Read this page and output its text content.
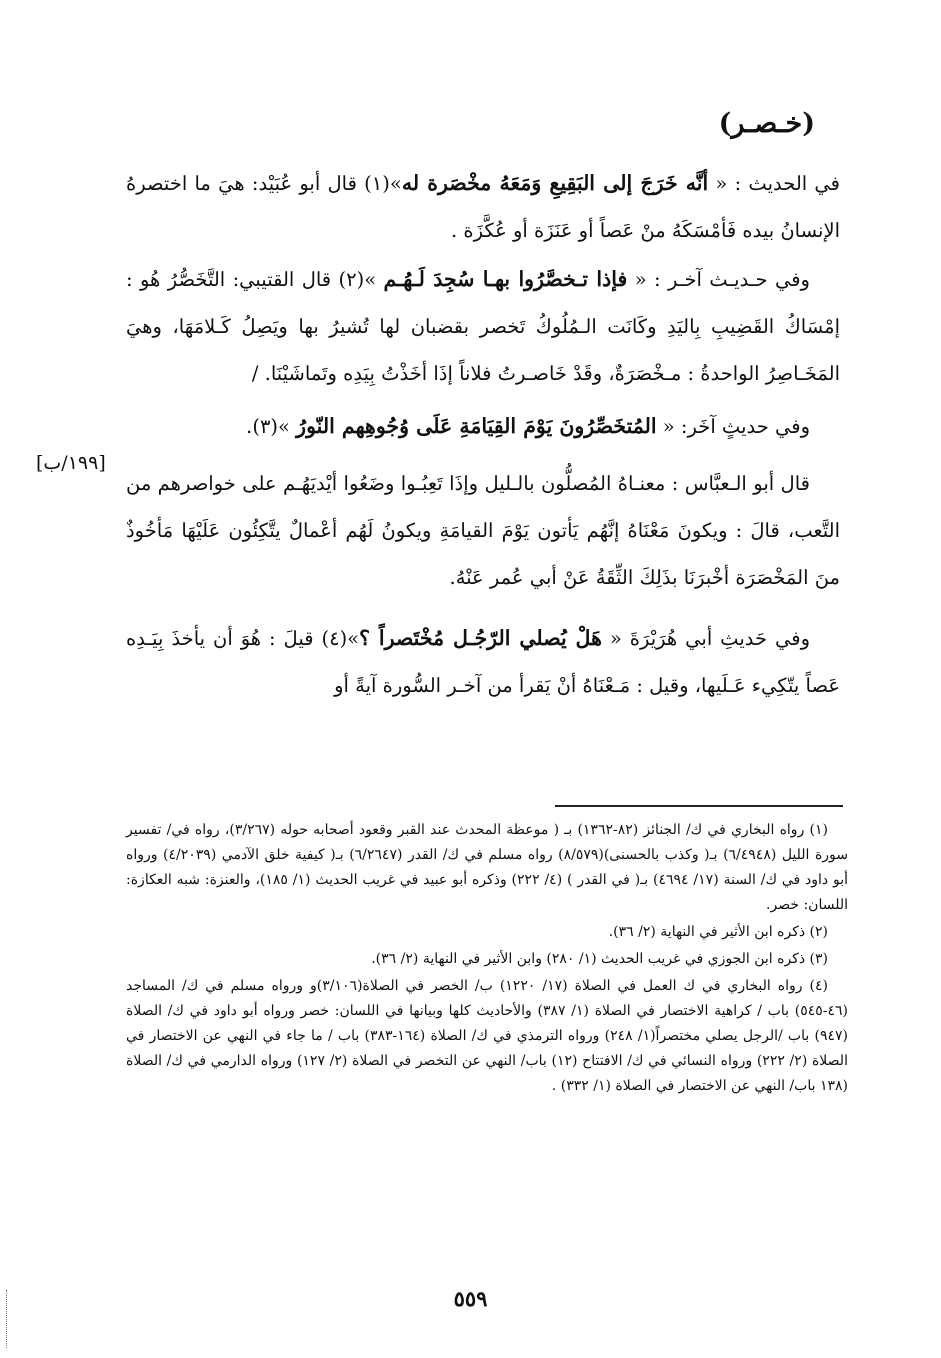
(خـصـر)

في الحديث : « أنَّه خَرَجَ إلى البَقِيعِ وَمَعَهُ مخْصَرة له»(١) قال أبو عُبَيْد: هيَ ما اختصرهُ الإنسانُ بيده فَأمْسَكَهُ منْ عَصاً أو عَنَزَة أو عُكَّزَة .

وفي حـديـث آخـر : « فإذا تـخصَّرُوا بهـا سُجِدَ لَـهُـم »(٢) قال القتيبي: التَّخَصُّرُ هُو : إمْسَاكُ القَضِيبِ بِاليَدِ وكَانَت الـمُلُوكُ تَخصر بقضبان لها تُشيرُ بها ويَصِلُ كَـلامَهَا، وهيَ المَخَـاصِرُ الواحدةُ : مـخْصَرَةٌ، وقَدْ خَاصـرتُ فلاناً إذَا أخَذْتُ بِيَدِه وتَماشَيْنَا. /

وفي حديثٍ آخَر: « المُتخَصِّرُونَ يَوْمَ القِيَامَةِ عَلَى وُجُوهِهم النّورُ »(٣).

قال أبو الـعبَّاس : معنـاهُ المُصلُّون بالـليل وإذَا تَعِبُـوا وضَعُوا أيْديَهُـم على خواصرهم من التَّعب، قالَ : ويكونَ مَعْنَاهُ إنَّهُم يَأتون يَوْمَ القيامَةِ ويكونُ لَهُم أعْمالٌ يتَّكِئُون عَلَيْهَا مَأخُوذٌ منَ المَخْصَرَة أخْبرَنَا بذَلِكَ الثِّقَةُ عَنْ أبي عُمر عَنْهُ.

وفي حَديثِ أبي هُرَيْرَةَ « هَلْ يُصلي الرّجُـل مُخْتَصراً ؟»(٤) قيلَ : هُوَ أن يأخذَ بِيَـدِه عَصاً يتّكِيء عَـلَيها، وقيل : مَـعْنَاهُ أنْ يَقرأ من آخـر السُّورة آيةً أو

[١٩٩/ب]

(١) رواه البخاري في ك/ الجنائز (٨٢-١٣٦٢) بـ ( موعظة المحدث عند القبر وقعود أصحابه حوله (٣/٢٦٧)، رواه في/ تفسير سورة الليل (٦/٤٩٤٨) بـ( وكذب بالحسنى)(٨/٥٧٩) رواه مسلم في ك/ القدر (٦/٢٦٤٧) بـ( كيفية خلق الآدمي (٤/٢٠٣٩) ورواه أبو داود في ك/ السنة (١٧/ ٤٦٩٤) بـ( في القدر ) (٤/ ٢٢٢) وذكره أبو عبيد في غريب الحديث (١/ ١٨٥)، والعنزة: شبه العكازة: اللسان: خصر.

(٢) ذكره ابن الأثير في النهاية (٢/ ٣٦).

(٣) ذكره ابن الجوزي في غريب الحديث (١/ ٢٨٠) وابن الأثير في النهاية (٢/ ٣٦).

(٤) رواه البخاري في ك العمل في الصلاة (١٧/ ١٢٢٠) ب/ الخصر في الصلاة(٣/١٠٦)و ورواه مسلم في ك/ المساجد (٤٦-٥٤٥) باب / كراهية الاختصار في الصلاة (١/ ٣٨٧) والأحاديث كلها وبيانها في اللسان: خصر ورواه أبو داود في ك/ الصلاة (٩٤٧) باب /الرجل يصلي مختصراً(١/ ٢٤٨) ورواه الترمذي في ك/ الصلاة (١٦٤-٣٨٣) باب / ما جاء في النهي عن الاختصار في الصلاة (٢/ ٢٢٢) ورواه النسائي في ك/ الافتتاح (١٢) باب/ النهي عن التخصر في الصلاة (٢/ ١٢٧) ورواه الدارمي في ك/ الصلاة (١٣٨ باب/ النهي عن الاختصار في الصلاة (١/ ٣٣٢) .

٥٥٩
